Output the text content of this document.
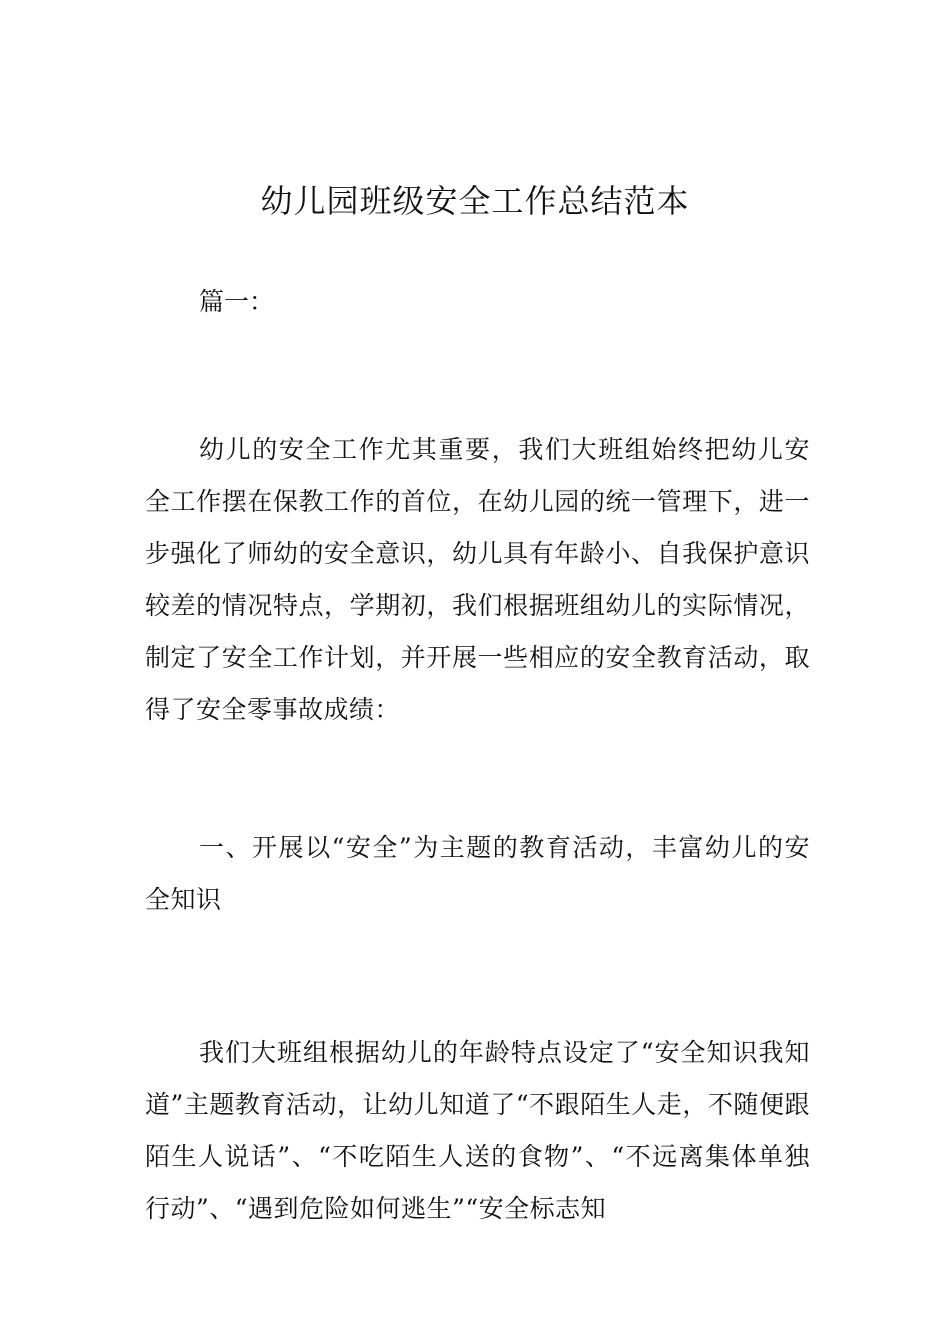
幼儿园班级安全工作总结范本

篇一：

幼儿的安全工作尤其重要，我们大班组始终把幼儿安全工作摆在保教工作的首位，在幼儿园的统一管理下，进一步强化了师幼的安全意识，幼儿具有年龄小、自我保护意识较差的情况特点，学期初，我们根据班组幼儿的实际情况，制定了安全工作计划，并开展一些相应的安全教育活动，取得了安全零事故成绩：

一、开展以“安全”为主题的教育活动，丰富幼儿的安全知识

我们大班组根据幼儿的年龄特点设定了“安全知识我知道”主题教育活动，让幼儿知道了“不跟陌生人走，不随便跟陌生人说话”、“不吃陌生人送的食物”、“不远离集体单独行动”、“遇到危险如何逃生”“安全标志知
